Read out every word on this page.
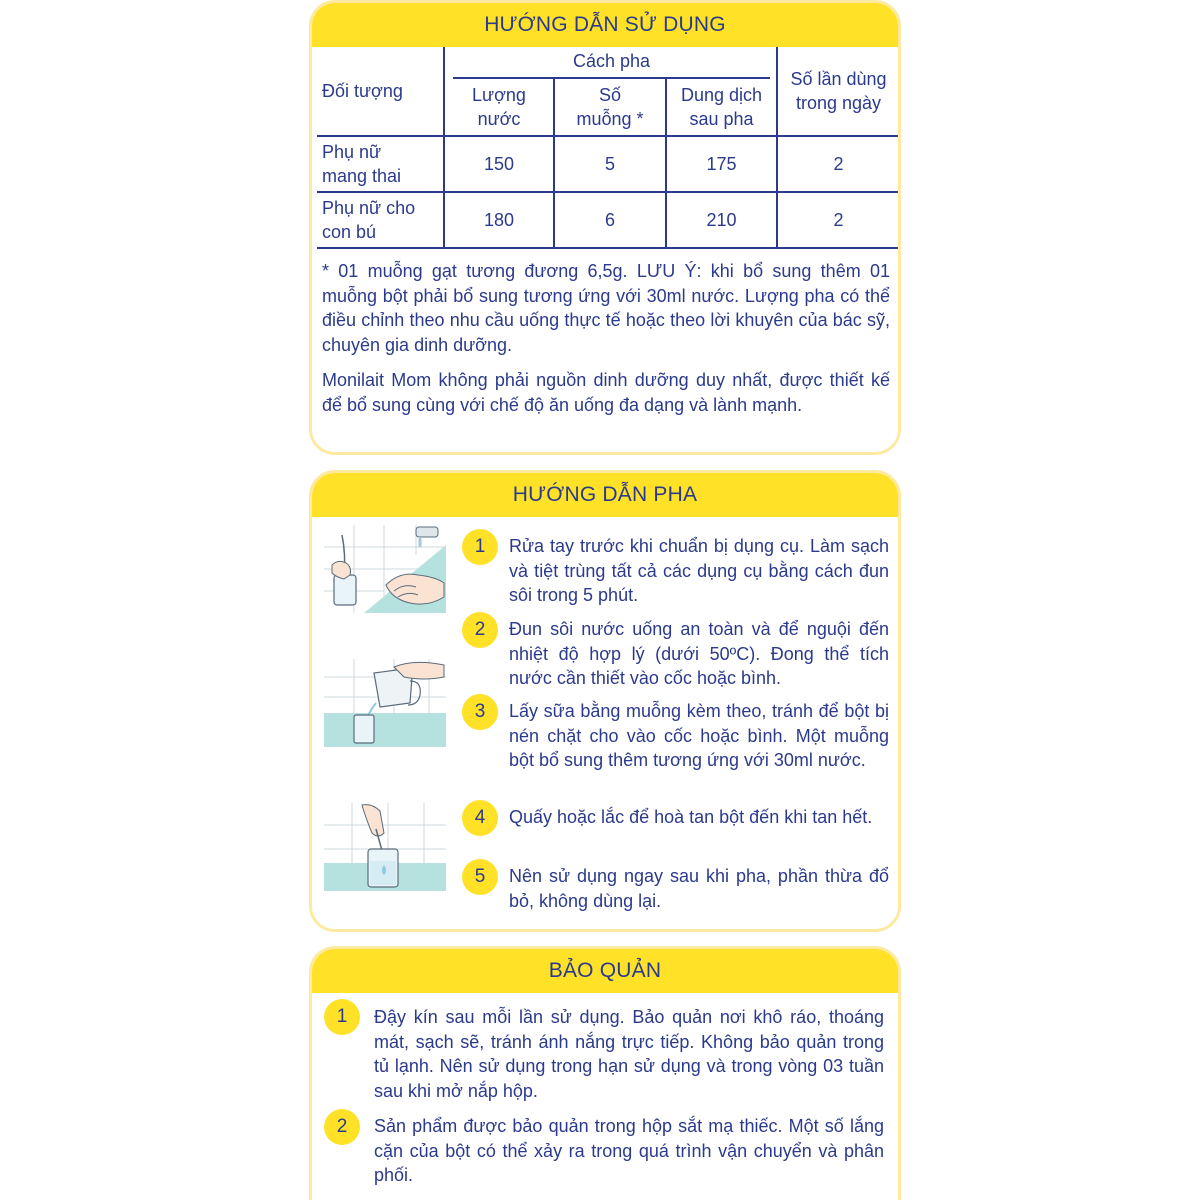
HƯỚNG DẪN SỬ DỤNG
Đối tượng	Cách pha			Số lần dùng trong ngày
	Lượng nước	Số muỗng *	Dung dịch sau pha	
Phụ nữ mang thai	150	5	175	2
Phụ nữ cho con bú	180	6	210	2
* 01 muỗng gạt tương đương 6,5g. LƯU Ý: khi bổ sung thêm 01 muỗng bột phải bổ sung tương ứng với 30ml nước. Lượng pha có thể điều chỉnh theo nhu cầu uống thực tế hoặc theo lời khuyên của bác sỹ, chuyên gia dinh dưỡng.
Monilait Mom không phải nguồn dinh dưỡng duy nhất, được thiết kế để bổ sung cùng với chế độ ăn uống đa dạng và lành mạnh.
HƯỚNG DẪN PHA
1	Rửa tay trước khi chuẩn bị dụng cụ. Làm sạch và tiệt trùng tất cả các dụng cụ bằng cách đun sôi trong 5 phút.
2	Đun sôi nước uống an toàn và để nguội đến nhiệt độ hợp lý (dưới 50ºC). Đong thể tích nước cần thiết vào cốc hoặc bình.
3	Lấy sữa bằng muỗng kèm theo, tránh để bột bị nén chặt cho vào cốc hoặc bình. Một muỗng bột bổ sung thêm tương ứng với 30ml nước.
4	Quấy hoặc lắc để hoà tan bột đến khi tan hết.
5	Nên sử dụng ngay sau khi pha, phần thừa đổ bỏ, không dùng lại.
BẢO QUẢN
1	Đậy kín sau mỗi lần sử dụng. Bảo quản nơi khô ráo, thoáng mát, sạch sẽ, tránh ánh nắng trực tiếp. Không bảo quản trong tủ lạnh. Nên sử dụng trong hạn sử dụng và trong vòng 03 tuần sau khi mở nắp hộp.
2	Sản phẩm được bảo quản trong hộp sắt mạ thiếc. Một số lắng cặn của bột có thể xảy ra trong quá trình vận chuyển và phân phối.
